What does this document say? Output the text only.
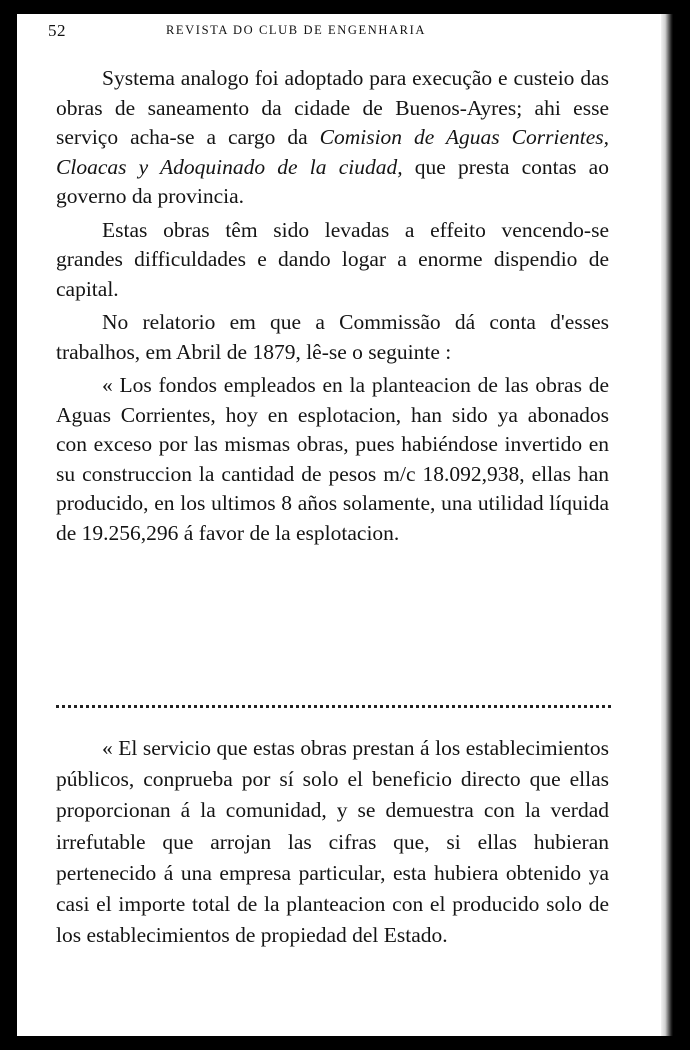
52	REVISTA DO CLUB DE ENGENHARIA

Systema analogo foi adoptado para execução e custeio das obras de saneamento da cidade de Buenos-Ayres; ahi esse serviço acha-se a cargo da Comision de Aguas Corrientes, Cloacas y Adoquinado de la ciudad, que presta contas ao governo da provincia.

Estas obras têm sido levadas a effeito vencendo-se grandes difficuldades e dando logar a enorme dispendio de capital.

No relatorio em que a Commissão dá conta d'esses trabalhos, em Abril de 1879, lê-se o seguinte :

« Los fondos empleados en la planteacion de las obras de Aguas Corrientes, hoy en esplotacion, han sido ya abonados con exceso por las mismas obras, pues habiéndose invertido en su construccion la cantidad de pesos m/c 18.092,938, ellas han producido, en los ultimos 8 años solamente, una utilidad líquida de 19.256,296 á favor de la esplotacion.

« El servicio que estas obras prestan á los establecimientos públicos, conprueba por sí solo el beneficio directo que ellas proporcionan á la comunidad, y se demuestra con la verdad irrefutable que arrojan las cifras que, si ellas hubieran pertenecido á una empresa particular, esta hubiera obtenido ya casi el importe total de la planteacion con el producido solo de los establecimientos de propiedad del Estado.
